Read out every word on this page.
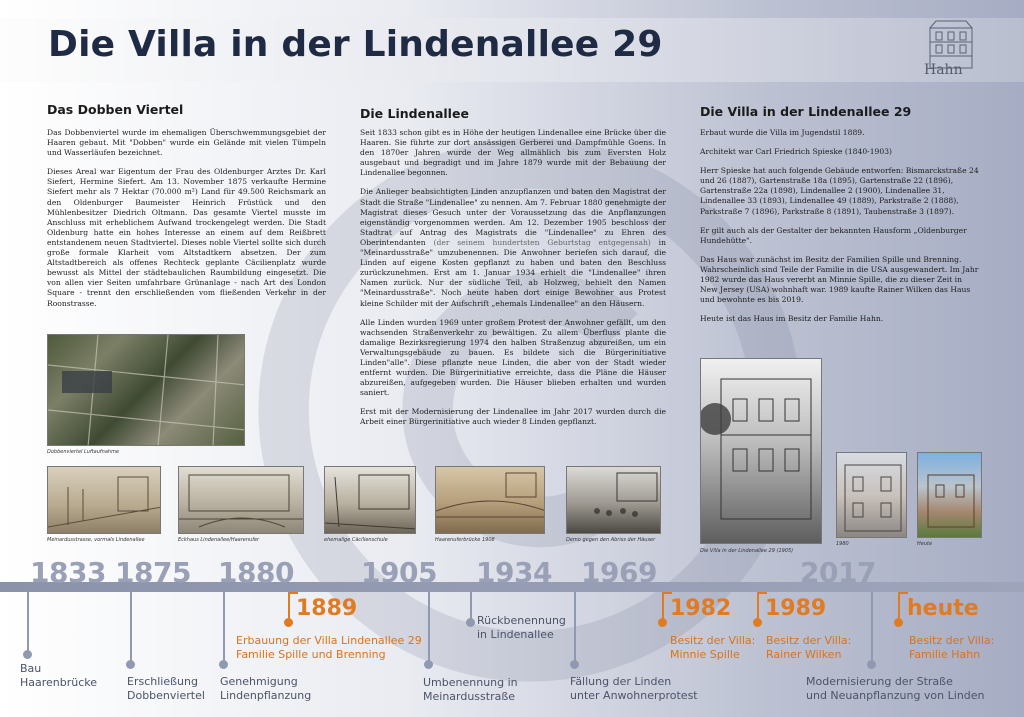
Die Villa in der Lindenallee 29
Hahn
Das Dobben Viertel

Das Dobbenviertel wurde im ehemaligen Überschwemmungsgebiet der Haaren gebaut. Mit "Dobben" wurde ein Gelände mit vielen Tümpeln und Wasserläufen bezeichnet.

Dieses Areal war Eigentum der Frau des Oldenburger Arztes Dr. Karl Siefert, Hermine Siefert. Am 13. November 1875 verkaufte Hermine Siefert mehr als 7 Hektar (70.000 m²) Land für 49.500 Reichsmark an den Oldenburger Baumeister Heinrich Früstück und den Mühlenbesitzer Diedrich Oltmann. Das gesamte Viertel musste im Anschluss mit erheblichem Aufwand trockengelegt werden. Die Stadt Oldenburg hatte ein hohes Interesse an einem auf dem Reißbrett entstandenem neuen Stadtviertel. Dieses noble Viertel sollte sich durch große formale Klarheit vom Altstadtkern absetzen. Der zum Altstadtbereich als offenes Rechteck geplante Cäcilienplatz wurde bewusst als Mittel der städtebaulichen Raumbildung eingesetzt. Die von allen vier Seiten umfahrbare Grünanlage - nach Art des London Square - trennt den erschließenden vom fließenden Verkehr in der Roonstrasse.

Dobbenviertel Luftaufnahme
Die Lindenallee

Seit 1833 schon gibt es in Höhe der heutigen Lindenallee eine Brücke über die Haaren. Sie führte zur dort ansässigen Gerberei und Dampfmühle Goens. In den 1870er Jahren wurde der Weg allmählich bis zum Eversten Holz ausgebaut und begradigt und im Jahre 1879 wurde mit der Bebauung der Lindenallee begonnen.

Die Anlieger beabsichtigten Linden anzupflanzen und baten den Magistrat der Stadt die Straße "Lindenallee" zu nennen. Am 7. Februar 1880 genehmigte der Magistrat dieses Gesuch unter der Voraussetzung das die Anpflanzungen eigenständig vorgenommen werden. Am 12. Dezember 1905 beschloss der Stadtrat auf Antrag des Magistrats die "Lindenallee" zu Ehren des Oberintendanten (der seinem hundertsten Geburtstag entgegensah) in "Meinardusstraße" umzubenennen. Die Anwohner beriefen sich darauf, die Linden auf eigene Kosten gepflanzt zu haben und baten den Beschluss zurückzunehmen. Erst am 1. Januar 1934 erhielt die "Lindenallee" ihren Namen zurück. Nur der südliche Teil, ab Holzweg, behielt den Namen "Meinardusstraße". Noch heute haben dort einige Bewohner aus Protest kleine Schilder mit der Aufschrift „ehemals Lindenallee" an den Häusern.

Alle Linden wurden 1969 unter großem Protest der Anwohner gefällt, um den wachsenden Straßenverkehr zu bewältigen. Zu allem Überfluss plante die damalige Bezirksregierung 1974 den halben Straßenzug abzureißen, um ein Verwaltungsgebäude zu bauen. Es bildete sich die Bürgerinitiative Linden"alle". Diese pflanzte neue Linden, die aber von der Stadt wieder entfernt wurden. Die Bürgerinitiative erreichte, dass die Pläne die Häuser abzureißen, aufgegeben wurden. Die Häuser blieben erhalten und wurden saniert.

Erst mit der Modernisierung der Lindenallee im Jahr 2017 wurden durch die Arbeit einer Bürgerinitiative auch wieder 8 Linden gepflanzt.

Die Villa in der Lindenallee 29

Erbaut wurde die Villa im Jugendstil 1889.

Architekt war Carl Friedrich Spieske (1840-1903)

Herr Spieske hat auch folgende Gebäude entworfen: Bismarckstraße 24 und 26 (1887), Gartenstraße 18a (1895), Gartenstraße 22 (1896), Gartenstraße 22a (1898), Lindenallee 2 (1900), Lindenallee 31, Lindenallee 33 (1893), Lindenallee 49 (1889), Parkstraße 2 (1888), Parkstraße 7 (1896), Parkstraße 8 (1891), Taubenstraße 3 (1897).

Er gilt auch als der Gestalter der bekannten Hausform „Oldenburger Hundehütte".

Das Haus war zunächst im Besitz der Familien Spille und Brenning. Wahrscheinlich sind Teile der Familie in die USA ausgewandert. Im Jahr 1982 wurde das Haus vererbt an Minnie Spille, die zu dieser Zeit in New Jersey (USA) wohnhaft war. 1989 kaufte Rainer Wilken das Haus und bewohnte es bis 2019.

Heute ist das Haus im Besitz der Familie Hahn.

Meinardusstrasse, vormals Lindenallee	Eckhaus Lindenallee/Haarenufer	ehemalige Cäcilienschule	Haarenuferbrücke 1908	Demo gegen den Abriss der Häuser
Die Villa in der Lindenallee 29 (1905)
1980	Heute
1833 1875 1880 1905 1934 1969	2017
Bau
Haarenbrücke	Erschließung
Dobbenviertel
Genehmigung
Lindenpflanzung
1889
Erbauung der Villa Lindenallee 29
Familie Spille und Brenning
Umbenennung in
Meinardusstraße
Rückbenennung
in Lindenallee
Fällung der Linden
unter Anwohnerprotest
1982
Besitz der Villa:
Minnie Spille
1989
Besitz der Villa:
Rainer Wilken
Modernisierung der Straße
und Neuanpflanzung von Linden
heute
Besitz der Villa:
Familie Hahn
